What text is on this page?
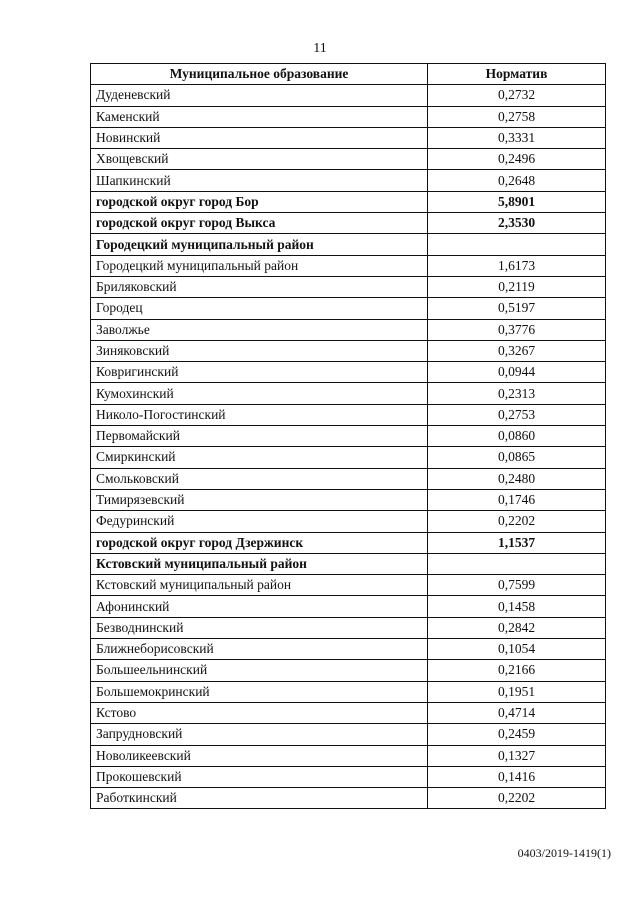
11
Муниципальное образование	Норматив
Дуденевский	0,2732
Каменский	0,2758
Новинский	0,3331
Хвощевский	0,2496
Шапкинский	0,2648
городской округ город Бор	5,8901
городской округ город Выкса	2,3530
Городецкий муниципальный район	
Городецкий муниципальный район	1,6173
Бриляковский	0,2119
Городец	0,5197
Заволжье	0,3776
Зиняковский	0,3267
Ковригинский	0,0944
Кумохинский	0,2313
Николо-Погостинский	0,2753
Первомайский	0,0860
Смиркинский	0,0865
Смольковский	0,2480
Тимирязевский	0,1746
Федуринский	0,2202
городской округ город Дзержинск	1,1537
Кстовский муниципальный район	
Кстовский муниципальный район	0,7599
Афонинский	0,1458
Безводнинский	0,2842
Ближнеборисовский	0,1054
Большеельнинский	0,2166
Большемокринский	0,1951
Кстово	0,4714
Запрудновский	0,2459
Новоликеевский	0,1327
Прокошевский	0,1416
Работкинский	0,2202
0403/2019-1419(1)
